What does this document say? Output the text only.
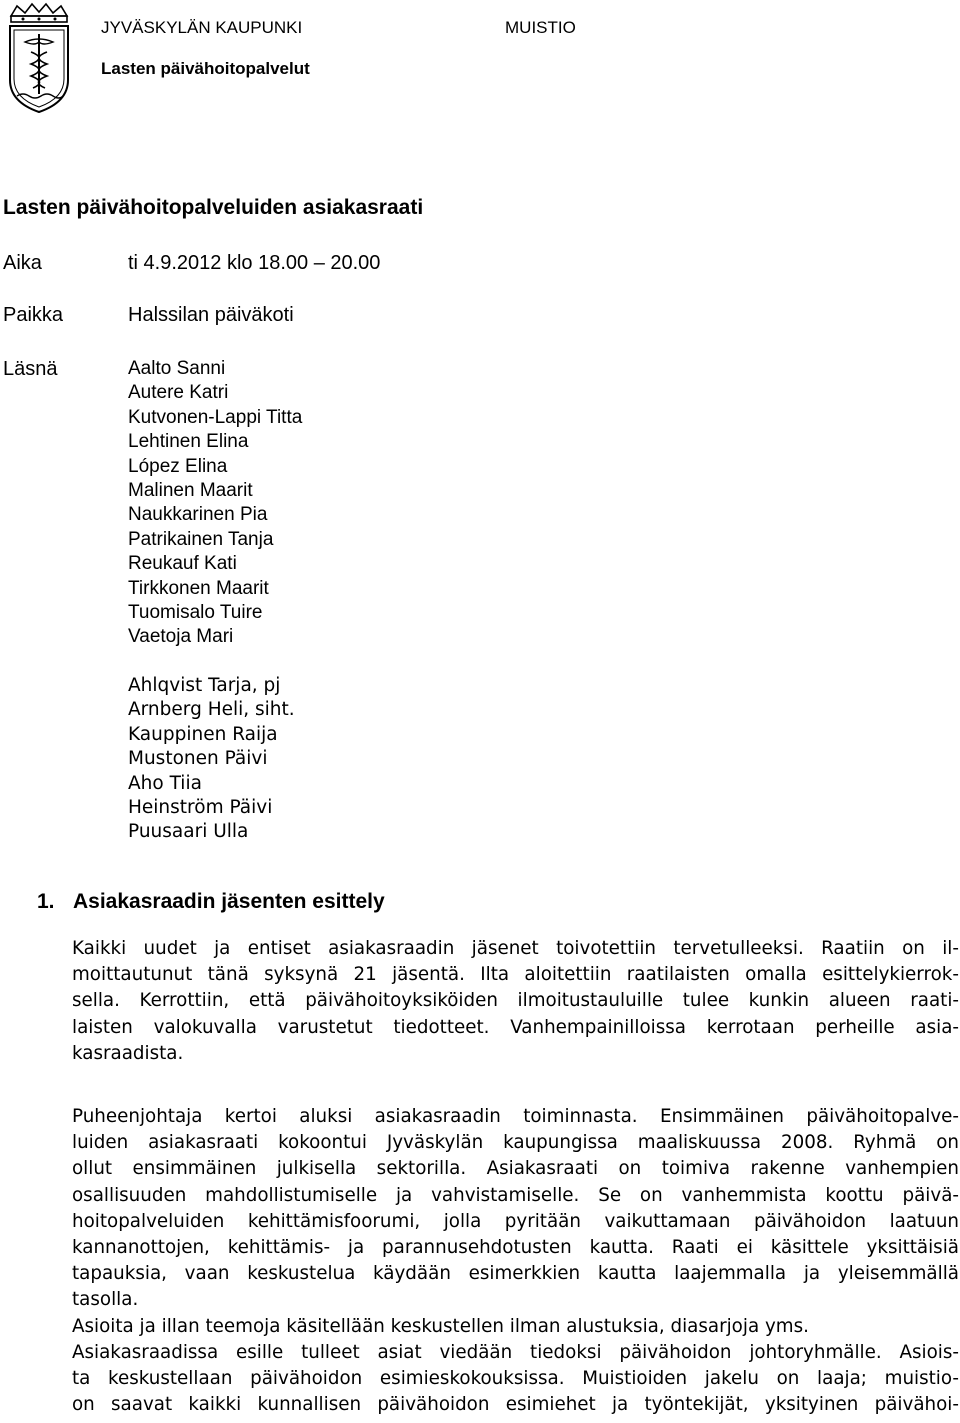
JYVÄSKYLÄN KAUPUNKI	MUISTIO
Lasten päivähoitopalvelut
Lasten päivähoitopalveluiden asiakasraati
Aika	ti 4.9.2012 klo 18.00 – 20.00
Paikka	Halssilan päiväkoti
Läsnä	Aalto Sanni
Autere Katri
Kutvonen-Lappi Titta
Lehtinen Elina
López Elina
Malinen Maarit
Naukkarinen Pia
Patrikainen Tanja
Reukauf Kati
Tirkkonen Maarit
Tuomisalo Tuire
Vaetoja Mari
Ahlqvist Tarja, pj
Arnberg Heli, siht.
Kauppinen Raija
Mustonen Päivi
Aho Tiia
Heinström Päivi
Puusaari Ulla
1. Asiakasraadin jäsenten esittely

Kaikki uudet ja entiset asiakasraadin jäsenet toivotettiin tervetulleeksi. Raatiin on il-
moittautunut tänä syksynä 21 jäsentä. Ilta aloitettiin raatilaisten omalla esittelykierrok-
sella. Kerrottiin, että päivähoitoyksiköiden ilmoitustauluille tulee kunkin alueen raati-
laisten valokuvalla varustetut tiedotteet. Vanhempainilloissa kerrotaan perheille asia-
kasraadista.

Puheenjohtaja kertoi aluksi asiakasraadin toiminnasta. Ensimmäinen päivähoitopalve-
luiden asiakasraati kokoontui Jyväskylän kaupungissa maaliskuussa 2008. Ryhmä on
ollut ensimmäinen julkisella sektorilla. Asiakasraati on toimiva rakenne vanhempien
osallisuuden mahdollistumiselle ja vahvistamiselle. Se on vanhemmista koottu päivä-
hoitopalveluiden kehittämisfoorumi, jolla pyritään vaikuttamaan päivähoidon laatuun
kannanottojen, kehittämis- ja parannusehdotusten kautta. Raati ei käsittele yksittäisiä
tapauksia, vaan keskustelua käydään esimerkkien kautta laajemmalla ja yleisemmällä
tasolla.
Asioita ja illan teemoja käsitellään keskustellen ilman alustuksia, diasarjoja yms.
Asiakasraadissa esille tulleet asiat viedään tiedoksi päivähoidon johtoryhmälle. Asiois-
ta keskustellaan päivähoidon esimieskokouksissa. Muistioiden jakelu on laaja; muistio-
on saavat kaikki kunnallisen päivähoidon esimiehet ja työntekijät, yksityinen päivähoi-
